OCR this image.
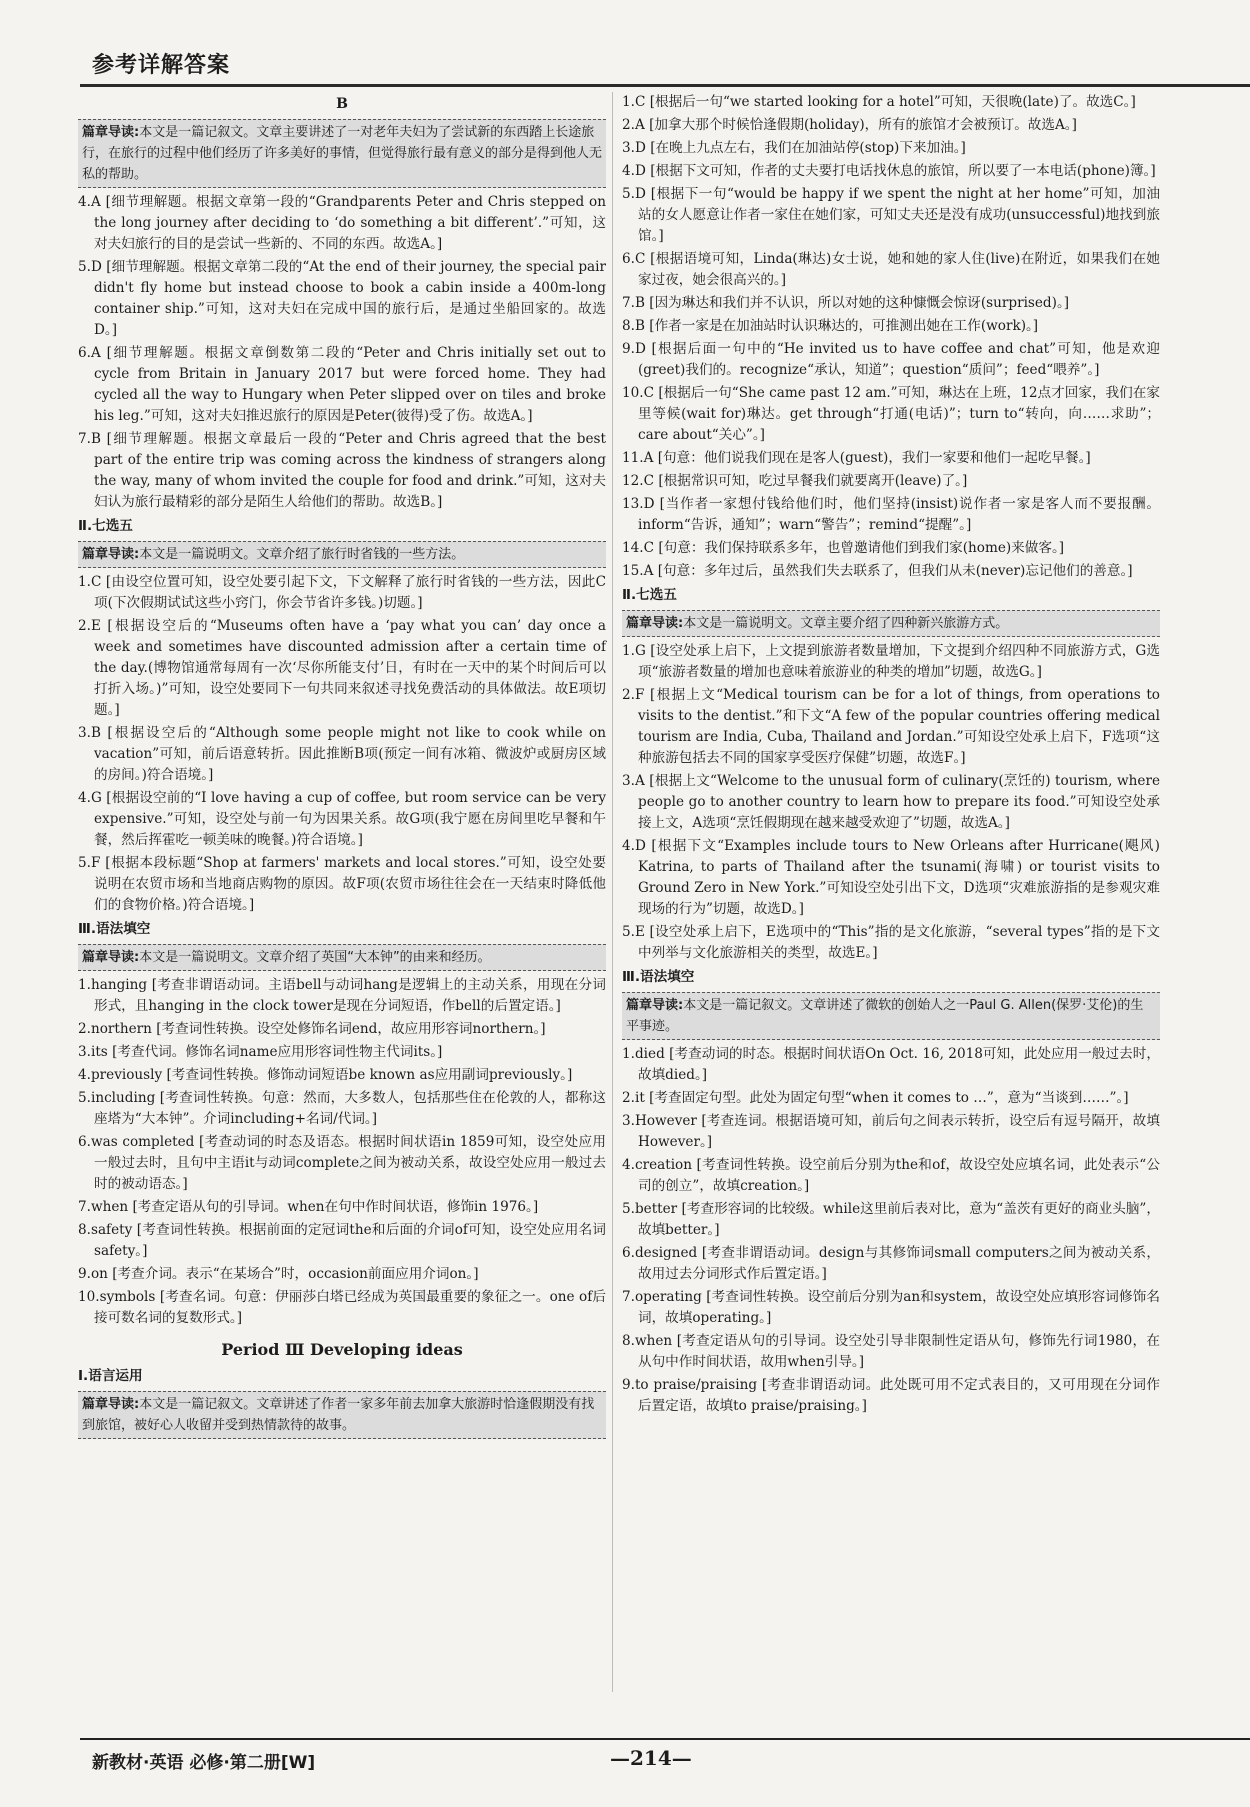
参考详解答案
B
篇章导读:本文是一篇记叙文。文章主要讲述了一对老年夫妇为了尝试新的东西踏上长途旅行，在旅行的过程中他们经历了许多美好的事情，但觉得旅行最有意义的部分是得到他人无私的帮助。
4.A [细节理解题。根据文章第一段的“Grandparents Peter and Chris stepped on the long journey after deciding to ‘do something a bit different’.”可知，这对夫妇旅行的目的是尝试一些新的、不同的东西。故选A。]
5.D [细节理解题。根据文章第二段的“At the end of their journey, the special pair didn't fly home but instead choose to book a cabin inside a 400m-long container ship.”可知，这对夫妇在完成中国的旅行后，是通过坐船回家的。故选D。]
6.A [细节理解题。根据文章倒数第二段的“Peter and Chris initially set out to cycle from Britain in January 2017 but were forced home. They had cycled all the way to Hungary when Peter slipped over on tiles and broke his leg.”可知，这对夫妇推迟旅行的原因是Peter(彼得)受了伤。故选A。]
7.B [细节理解题。根据文章最后一段的“Peter and Chris agreed that the best part of the entire trip was coming across the kindness of strangers along the way, many of whom invited the couple for food and drink.”可知，这对夫妇认为旅行最精彩的部分是陌生人给他们的帮助。故选B。]
Ⅱ.七选五
篇章导读:本文是一篇说明文。文章介绍了旅行时省钱的一些方法。
1.C [由设空位置可知，设空处要引起下文，下文解释了旅行时省钱的一些方法，因此C项(下次假期试试这些小窍门，你会节省许多钱。)切题。]
2.E [根据设空后的“Museums often have a ‘pay what you can’ day once a week and sometimes have discounted admission after a certain time of the day.(博物馆通常每周有一次‘尽你所能支付’日，有时在一天中的某个时间后可以打折入场。)”可知，设空处要同下一句共同来叙述寻找免费活动的具体做法。故E项切题。]
3.B [根据设空后的“Although some people might not like to cook while on vacation”可知，前后语意转折。因此推断B项(预定一间有冰箱、微波炉或厨房区域的房间。)符合语境。]
4.G [根据设空前的“I love having a cup of coffee, but room service can be very expensive.”可知，设空处与前一句为因果关系。故G项(我宁愿在房间里吃早餐和午餐，然后挥霍吃一顿美味的晚餐。)符合语境。]
5.F [根据本段标题“Shop at farmers' markets and local stores.”可知，设空处要说明在农贸市场和当地商店购物的原因。故F项(农贸市场往往会在一天结束时降低他们的食物价格。)符合语境。]
Ⅲ.语法填空
篇章导读:本文是一篇说明文。文章介绍了英国“大本钟”的由来和经历。
1.hanging [考查非谓语动词。主语bell与动词hang是逻辑上的主动关系，用现在分词形式，且hanging in the clock tower是现在分词短语，作bell的后置定语。]
2.northern [考查词性转换。设空处修饰名词end，故应用形容词northern。]
3.its [考查代词。修饰名词name应用形容词性物主代词its。]
4.previously [考查词性转换。修饰动词短语be known as应用副词previously。]
5.including [考查词性转换。句意：然而，大多数人，包括那些住在伦敦的人，都称这座塔为“大本钟”。介词including+名词/代词。]
6.was completed [考查动词的时态及语态。根据时间状语in 1859可知，设空处应用一般过去时，且句中主语it与动词complete之间为被动关系，故设空处应用一般过去时的被动语态。]
7.when [考查定语从句的引导词。when在句中作时间状语，修饰in 1976。]
8.safety [考查词性转换。根据前面的定冠词the和后面的介词of可知，设空处应用名词safety。]
9.on [考查介词。表示“在某场合”时，occasion前面应用介词on。]
10.symbols [考查名词。句意：伊丽莎白塔已经成为英国最重要的象征之一。one of后接可数名词的复数形式。]
Period Ⅲ Developing ideas
Ⅰ.语言运用
篇章导读:本文是一篇记叙文。文章讲述了作者一家多年前去加拿大旅游时恰逢假期没有找到旅馆，被好心人收留并受到热情款待的故事。
1.C [根据后一句“we started looking for a hotel”可知，天很晚(late)了。故选C。]
2.A [加拿大那个时候恰逢假期(holiday)，所有的旅馆才会被预订。故选A。]
3.D [在晚上九点左右，我们在加油站停(stop)下来加油。]
4.D [根据下文可知，作者的丈夫要打电话找休息的旅馆，所以要了一本电话(phone)簿。]
5.D [根据下一句“would be happy if we spent the night at her home”可知，加油站的女人愿意让作者一家住在她们家，可知丈夫还是没有成功(unsuccessful)地找到旅馆。]
6.C [根据语境可知，Linda(琳达)女士说，她和她的家人住(live)在附近，如果我们在她家过夜，她会很高兴的。]
7.B [因为琳达和我们并不认识，所以对她的这种慷慨会惊讶(surprised)。]
8.B [作者一家是在加油站时认识琳达的，可推测出她在工作(work)。]
9.D [根据后面一句中的“He invited us to have coffee and chat”可知，他是欢迎(greet)我们的。recognize“承认，知道”；question“质问”；feed“喂养”。]
10.C [根据后一句“She came past 12 am.”可知，琳达在上班，12点才回家，我们在家里等候(wait for)琳达。get through“打通(电话)”；turn to“转向，向……求助”；care about“关心”。]
11.A [句意：他们说我们现在是客人(guest)，我们一家要和他们一起吃早餐。]
12.C [根据常识可知，吃过早餐我们就要离开(leave)了。]
13.D [当作者一家想付钱给他们时，他们坚持(insist)说作者一家是客人而不要报酬。inform“告诉，通知”；warn“警告”；remind“提醒”。]
14.C [句意：我们保持联系多年，也曾邀请他们到我们家(home)来做客。]
15.A [句意：多年过后，虽然我们失去联系了，但我们从未(never)忘记他们的善意。]
Ⅱ.七选五
篇章导读:本文是一篇说明文。文章主要介绍了四种新兴旅游方式。
1.G [设空处承上启下，上文提到旅游者数量增加，下文提到介绍四种不同旅游方式，G选项“旅游者数量的增加也意味着旅游业的种类的增加”切题，故选G。]
2.F [根据上文“Medical tourism can be for a lot of things, from operations to visits to the dentist.”和下文“A few of the popular countries offering medical tourism are India, Cuba, Thailand and Jordan.”可知设空处承上启下，F选项“这种旅游包括去不同的国家享受医疗保健”切题，故选F。]
3.A [根据上文“Welcome to the unusual form of culinary(烹饪的) tourism, where people go to another country to learn how to prepare its food.”可知设空处承接上文，A选项“烹饪假期现在越来越受欢迎了”切题，故选A。]
4.D [根据下文“Examples include tours to New Orleans after Hurricane(飓风) Katrina, to parts of Thailand after the tsunami(海啸) or tourist visits to Ground Zero in New York.”可知设空处引出下文，D选项“灾难旅游指的是参观灾难现场的行为”切题，故选D。]
5.E [设空处承上启下，E选项中的“This”指的是文化旅游，“several types”指的是下文中列举与文化旅游相关的类型，故选E。]
Ⅲ.语法填空
篇章导读:本文是一篇记叙文。文章讲述了微软的创始人之一Paul G. Allen(保罗·艾伦)的生平事迹。
1.died [考查动词的时态。根据时间状语On Oct. 16, 2018可知，此处应用一般过去时，故填died。]
2.it [考查固定句型。此处为固定句型“when it comes to …”，意为“当谈到……”。]
3.However [考查连词。根据语境可知，前后句之间表示转折，设空后有逗号隔开，故填However。]
4.creation [考查词性转换。设空前后分别为the和of，故设空处应填名词，此处表示“公司的创立”，故填creation。]
5.better [考查形容词的比较级。while这里前后表对比，意为“盖茨有更好的商业头脑”，故填better。]
6.designed [考查非谓语动词。design与其修饰词small computers之间为被动关系，故用过去分词形式作后置定语。]
7.operating [考查词性转换。设空前后分别为an和system，故设空处应填形容词修饰名词，故填operating。]
8.when [考查定语从句的引导词。设空处引导非限制性定语从句，修饰先行词1980，在从句中作时间状语，故用when引导。]
9.to praise/praising [考查非谓语动词。此处既可用不定式表目的，又可用现在分词作后置定语，故填to praise/praising。]
新教材·英语 必修·第二册[W]	—214—
